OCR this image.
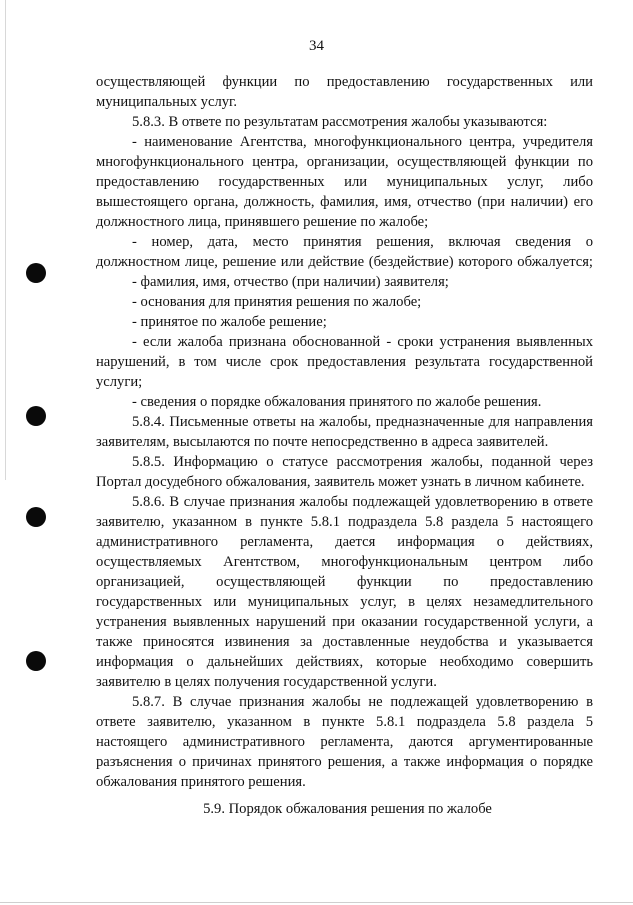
34
осуществляющей функции по предоставлению государственных или
муниципальных услуг.
5.8.3. В ответе по результатам рассмотрения жалобы указываются:
- наименование Агентства, многофункционального центра, учредителя
многофункционального центра, организации, осуществляющей функции по
предоставлению государственных или муниципальных услуг, либо
вышестоящего органа, должность, фамилия, имя, отчество (при наличии) его
должностного лица, принявшего решение по жалобе;
- номер, дата, место принятия решения, включая сведения о
должностном лице, решение или действие (бездействие) которого обжалуется;
- фамилия, имя, отчество (при наличии) заявителя;
- основания для принятия решения по жалобе;
- принятое по жалобе решение;
- если жалоба признана обоснованной - сроки устранения выявленных
нарушений, в том числе срок предоставления результата государственной
услуги;
- сведения о порядке обжалования принятого по жалобе решения.
5.8.4. Письменные ответы на жалобы, предназначенные для направления
заявителям, высылаются по почте непосредственно в адреса заявителей.
5.8.5. Информацию о статусе рассмотрения жалобы, поданной через
Портал досудебного обжалования, заявитель может узнать в личном кабинете.
5.8.6. В случае признания жалобы подлежащей удовлетворению в ответе
заявителю, указанном в пункте 5.8.1 подраздела 5.8 раздела 5 настоящего
административного регламента, дается информация о действиях,
осуществляемых Агентством, многофункциональным центром либо
организацией, осуществляющей функции по предоставлению
государственных или муниципальных услуг, в целях незамедлительного
устранения выявленных нарушений при оказании государственной услуги, а
также приносятся извинения за доставленные неудобства и указывается
информация о дальнейших действиях, которые необходимо совершить
заявителю в целях получения государственной услуги.
5.8.7. В случае признания жалобы не подлежащей удовлетворению в
ответе заявителю, указанном в пункте 5.8.1 подраздела 5.8 раздела 5
настоящего административного регламента, даются аргументированные
разъяснения о причинах принятого решения, а также информация о порядке
обжалования принятого решения.
5.9. Порядок обжалования решения по жалобе
